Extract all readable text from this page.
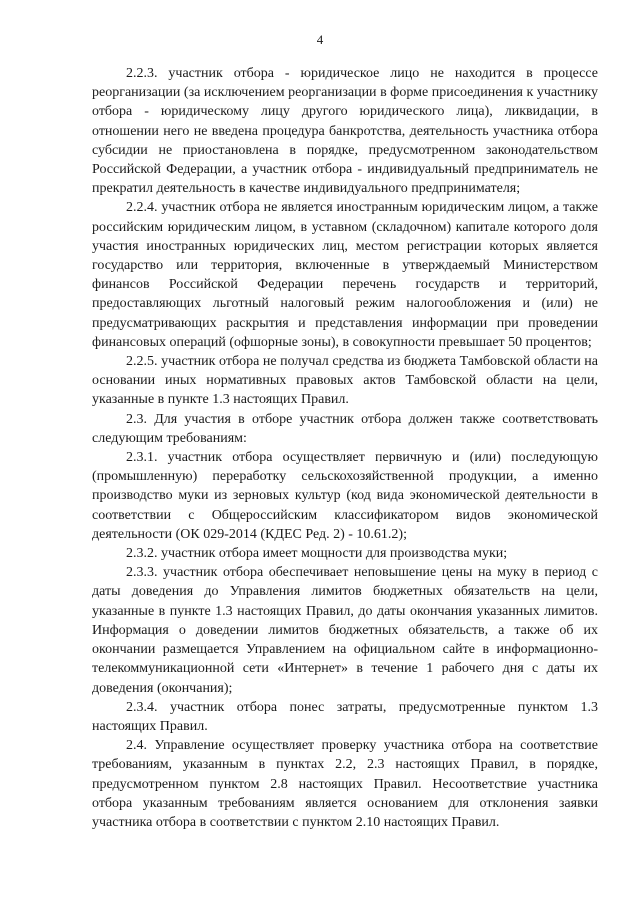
4

2.2.3. участник отбора - юридическое лицо не находится в процессе реорганизации (за исключением реорганизации в форме присоединения к участнику отбора - юридическому лицу другого юридического лица), ликвидации, в отношении него не введена процедура банкротства, деятельность участника отбора субсидии не приостановлена в порядке, предусмотренном законодательством Российской Федерации, а участник отбора - индивидуальный предприниматель не прекратил деятельность в качестве индивидуального предпринимателя;

2.2.4. участник отбора не является иностранным юридическим лицом, а также российским юридическим лицом, в уставном (складочном) капитале которого доля участия иностранных юридических лиц, местом регистрации которых является государство или территория, включенные в утверждаемый Министерством финансов Российской Федерации перечень государств и территорий, предоставляющих льготный налоговый режим налогообложения и (или) не предусматривающих раскрытия и представления информации при проведении финансовых операций (офшорные зоны), в совокупности превышает 50 процентов;

2.2.5. участник отбора не получал средства из бюджета Тамбовской области на основании иных нормативных правовых актов Тамбовской области на цели, указанные в пункте 1.3 настоящих Правил.

2.3. Для участия в отборе участник отбора должен также соответствовать следующим требованиям:

2.3.1. участник отбора осуществляет первичную и (или) последующую (промышленную) переработку сельскохозяйственной продукции, а именно производство муки из зерновых культур (код вида экономической деятельности в соответствии с Общероссийским классификатором видов экономической деятельности (ОК 029-2014 (КДЕС Ред. 2) - 10.61.2);

2.3.2. участник отбора имеет мощности для производства муки;

2.3.3. участник отбора обеспечивает неповышение цены на муку в период с даты доведения до Управления лимитов бюджетных обязательств на цели, указанные в пункте 1.3 настоящих Правил, до даты окончания указанных лимитов. Информация о доведении лимитов бюджетных обязательств, а также об их окончании размещается Управлением на официальном сайте в информационно-телекоммуникационной сети «Интернет» в течение 1 рабочего дня с даты их доведения (окончания);

2.3.4. участник отбора понес затраты, предусмотренные пунктом 1.3 настоящих Правил.

2.4. Управление осуществляет проверку участника отбора на соответствие требованиям, указанным в пунктах 2.2, 2.3 настоящих Правил, в порядке, предусмотренном пунктом 2.8 настоящих Правил. Несоответствие участника отбора указанным требованиям является основанием для отклонения заявки участника отбора в соответствии с пунктом 2.10 настоящих Правил.
